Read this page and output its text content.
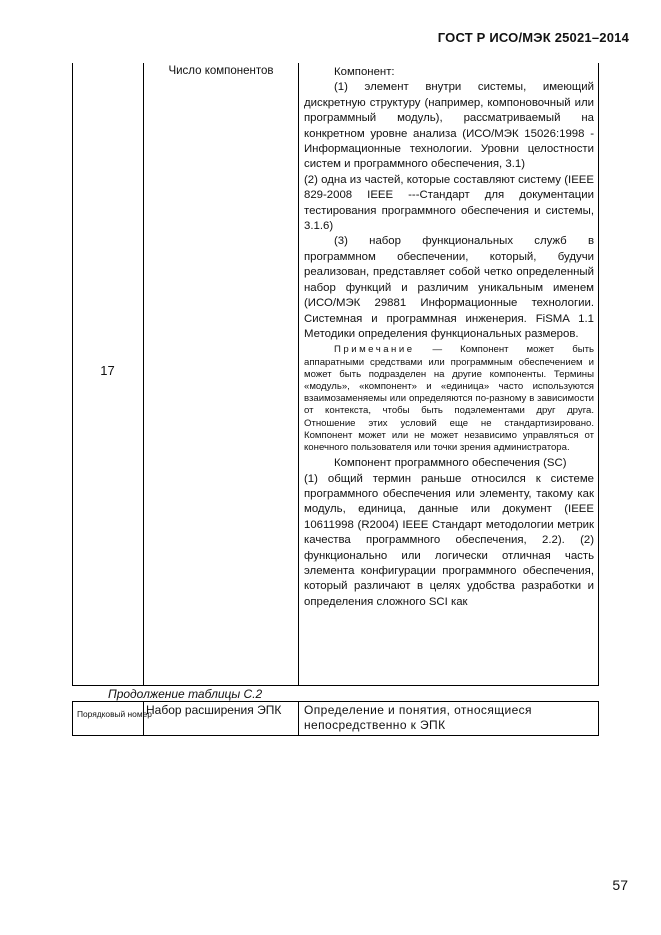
ГОСТ Р ИСО/МЭК 25021–2014
17
Число компонентов	Компонент:

(1) элемент внутри системы, имеющий дискретную структуру (например, компоновочный или программный модуль), рассматриваемый на конкретном уровне анализа (ИСО/МЭК 15026:1998 - Информационные технологии. Уровни целостности систем и программного обеспечения, 3.1)

(2) одна из частей, которые составляют систему (IEEE 829-2008 IEEE ---Стандарт для документации тестирования программного обеспечения и системы, 3.1.6)

(3) набор функциональных служб в программном обеспечении, который, будучи реализован, представляет собой четко определенный набор функций и различим уникальным именем (ИСО/МЭК 29881 Информационные технологии. Системная и программная инженерия. FiSMA 1.1 Методики определения функциональных размеров.

Примечание — Компонент может быть аппаратными средствами или программным обеспечением и может быть подразделен на другие компоненты. Термины «модуль», «компонент» и «единица» часто используются взаимозаменяемы или определяются по-разному в зависимости от контекста, чтобы быть подэлементами друг друга. Отношение этих условий еще не стандартизировано. Компонент может или не может независимо управляться от конечного пользователя или точки зрения администратора.

Компонент программного обеспечения (SC)

(1) общий термин раньше относился к системе программного обеспечения или элементу, такому как модуль, единица, данные или документ (IEEE 10611998 (R2004) IEEE Стандарт методологии метрик качества программного обеспечения, 2.2). (2) функционально или логически отличная часть элемента конфигурации программного обеспечения, который различают в целях удобства разработки и определения сложного SCI как

Продолжение таблицы С.2
Порядковый номер
Набор расширения ЭПК	Определение и понятия, относящиеся непосредственно к ЭПК
57
